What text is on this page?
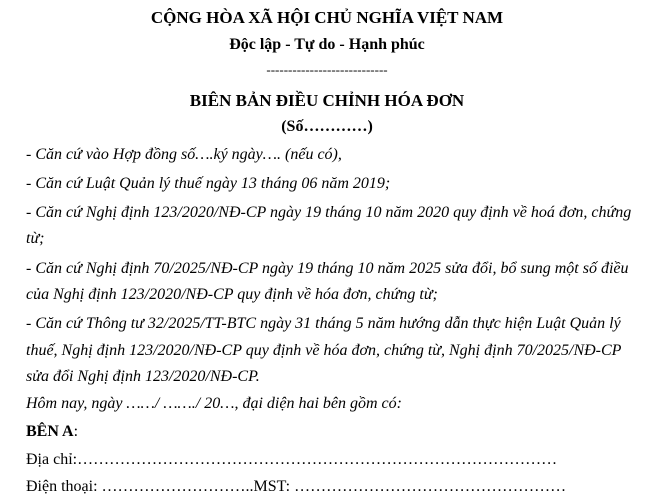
CỘNG HÒA XÃ HỘI CHỦ NGHĨA VIỆT NAM
Độc lập - Tự do - Hạnh phúc
----------------------------
BIÊN BẢN ĐIỀU CHỈNH HÓA ĐƠN
(Số…………)
- Căn cứ vào Hợp đồng số….ký ngày…. (nếu có),
- Căn cứ Luật Quản lý thuế ngày 13 tháng 06 năm 2019;
- Căn cứ Nghị định 123/2020/NĐ-CP ngày 19 tháng 10 năm 2020 quy định về hoá đơn, chứng
từ;
- Căn cứ Nghị định 70/2025/NĐ-CP ngày 19 tháng 10 năm 2025 sửa đổi, bổ sung một số điều
của Nghị định 123/2020/NĐ-CP quy định về hóa đơn, chứng từ;
- Căn cứ Thông tư 32/2025/TT-BTC ngày 31 tháng 5 năm hướng dẫn thực hiện Luật Quản lý
thuế, Nghị định 123/2020/NĐ-CP quy định về hóa đơn, chứng từ, Nghị định 70/2025/NĐ-CP
sửa đổi Nghị định 123/2020/NĐ-CP.
Hôm nay, ngày ……/ ……./ 20…, đại diện hai bên gồm có:
BÊN A:
Địa chỉ:………………………………………………………………………………
Điện thoại: ………………………..MST: ……………………………………………
